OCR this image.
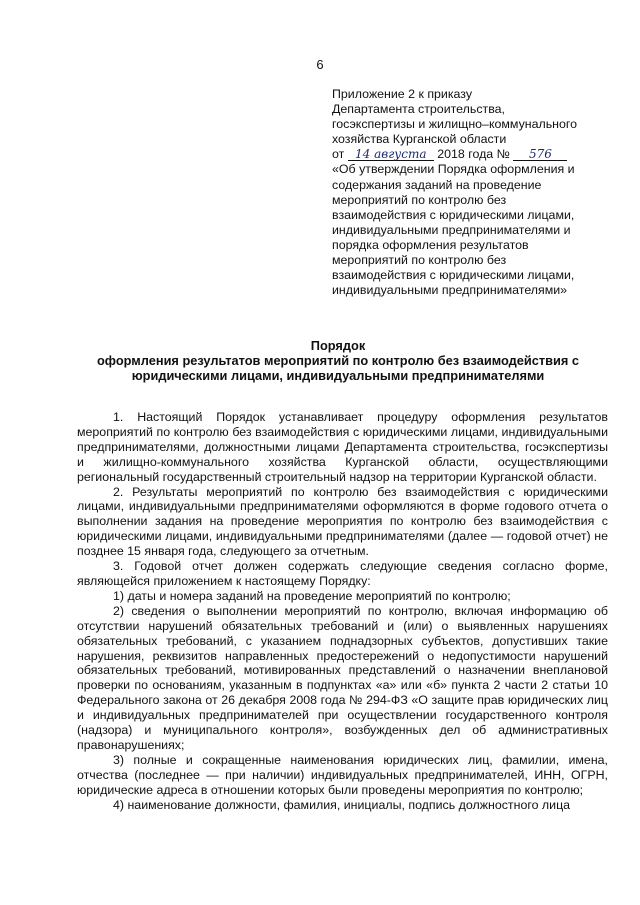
6
Приложение 2 к приказу
Департамента строительства,
госэкспертизы и жилищно–коммунального
хозяйства Курганской области
от 14 августа 2018 года № 576
«Об утверждении Порядка оформления и
содержания заданий на проведение
мероприятий по контролю без
взаимодействия с юридическими лицами,
индивидуальными предпринимателями и
порядка оформления результатов
мероприятий по контролю без
взаимодействия с юридическими лицами,
индивидуальными предпринимателями»
Порядок
оформления результатов мероприятий по контролю без взаимодействия с
юридическими лицами, индивидуальными предпринимателями

1. Настоящий Порядок устанавливает процедуру оформления результатов мероприятий по контролю без взаимодействия с юридическими лицами, индивидуальными предпринимателями, должностными лицами Департамента строительства, госэкспертизы и жилищно-коммунального хозяйства Курганской области, осуществляющими региональный государственный строительный надзор на территории Курганской области.

2. Результаты мероприятий по контролю без взаимодействия с юридическими лицами, индивидуальными предпринимателями оформляются в форме годового отчета о выполнении задания на проведение мероприятия по контролю без взаимодействия с юридическими лицами, индивидуальными предпринимателями (далее — годовой отчет) не позднее 15 января года, следующего за отчетным.

3. Годовой отчет должен содержать следующие сведения согласно форме, являющейся приложением к настоящему Порядку:

1) даты и номера заданий на проведение мероприятий по контролю;

2) сведения о выполнении мероприятий по контролю, включая информацию об отсутствии нарушений обязательных требований и (или) о выявленных нарушениях обязательных требований, с указанием поднадзорных субъектов, допустивших такие нарушения, реквизитов направленных предостережений о недопустимости нарушений обязательных требований, мотивированных представлений о назначении внеплановой проверки по основаниям, указанным в подпунктах «а» или «б» пункта 2 части 2 статьи 10 Федерального закона от 26 декабря 2008 года № 294-ФЗ «О защите прав юридических лиц и индивидуальных предпринимателей при осуществлении государственного контроля (надзора) и муниципального контроля», возбужденных дел об административных правонарушениях;

3) полные и сокращенные наименования юридических лиц, фамилии, имена, отчества (последнее — при наличии) индивидуальных предпринимателей, ИНН, ОГРН, юридические адреса в отношении которых были проведены мероприятия по контролю;

4) наименование должности, фамилия, инициалы, подпись должностного лица
